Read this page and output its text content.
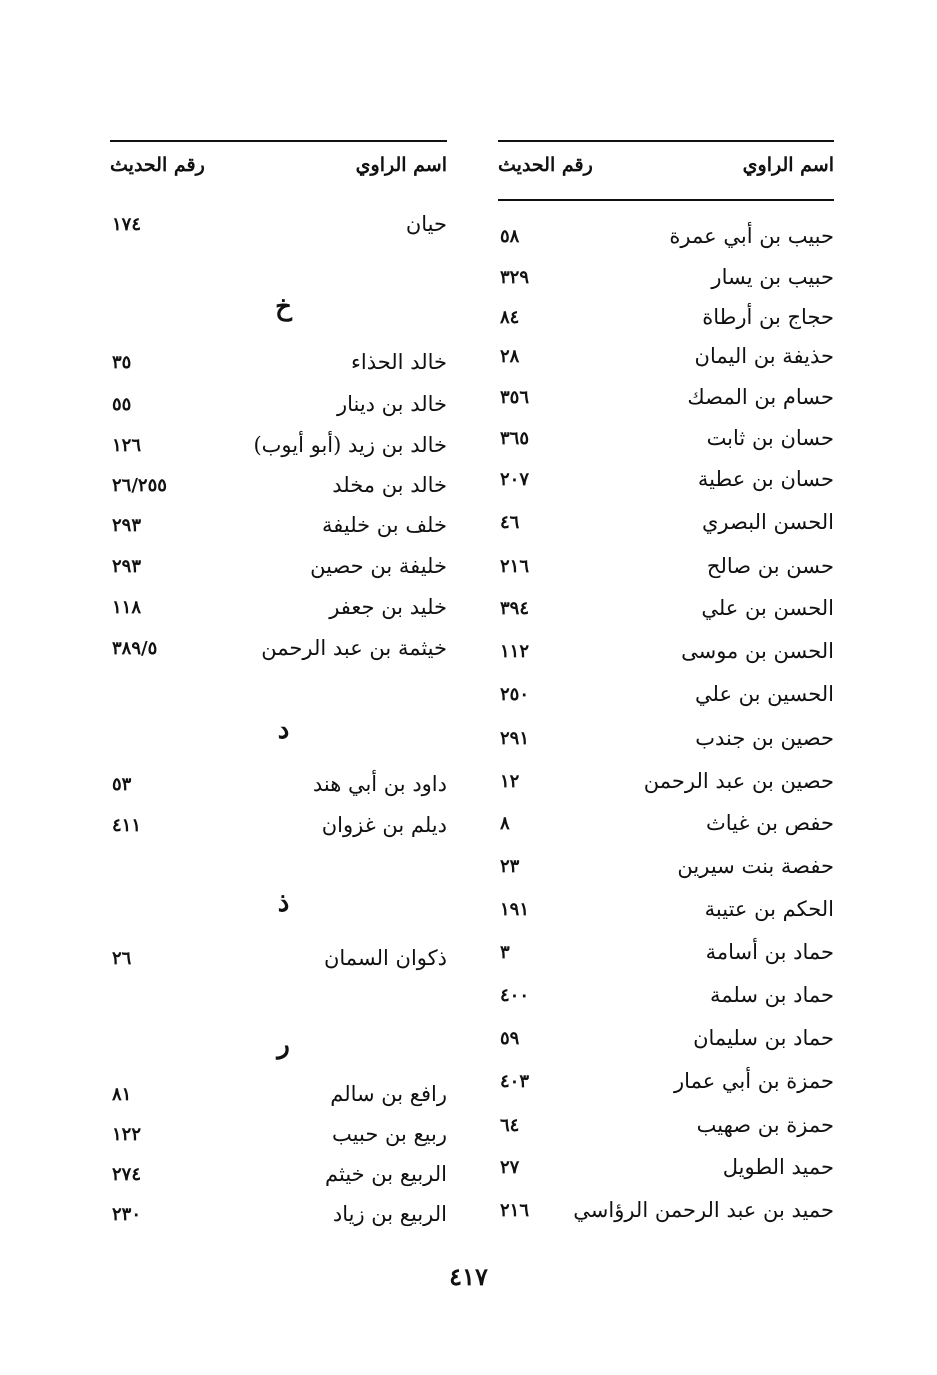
اسم الراوي
رقم الحديث
حبيب بن أبي عمرة
٥٨
حبيب بن يسار
٣٢٩
حجاج بن أرطاة
٨٤
حذيفة بن اليمان
٢٨
حسام بن المصك
٣٥٦
حسان بن ثابت
٣٦٥
حسان بن عطية
٢٠٧
الحسن البصري
٤٦
حسن بن صالح
٢١٦
الحسن بن علي
٣٩٤
الحسن بن موسى
١١٢
الحسين بن علي
٢٥٠
حصين بن جندب
٢٩١
حصين بن عبد الرحمن
١٢
حفص بن غياث
٨
حفصة بنت سيرين
٢٣
الحكم بن عتيبة
١٩١
حماد بن أسامة
٣
حماد بن سلمة
٤٠٠
حماد بن سليمان
٥٩
حمزة بن أبي عمار
٤٠٣
حمزة بن صهيب
٦٤
حميد الطويل
٢٧
حميد بن عبد الرحمن الرؤاسي
٢١٦
اسم الراوي
رقم الحديث
حيان
١٧٤
خ
خالد الحذاء
٣٥
خالد بن دينار
٥٥
خالد بن زيد (أبو أيوب)
١٢٦
خالد بن مخلد
٢٦/٢٥٥
خلف بن خليفة
٢٩٣
خليفة بن حصين
٢٩٣
خليد بن جعفر
١١٨
خيثمة بن عبد الرحمن
٣٨٩/٥
د
داود بن أبي هند
٥٣
ديلم بن غزوان
٤١١
ذ
ذكوان السمان
٢٦
ر
رافع بن سالم
٨١
ربيع بن حبيب
١٢٢
الربيع بن خيثم
٢٧٤
الربيع بن زياد
٢٣٠
٤١٧
